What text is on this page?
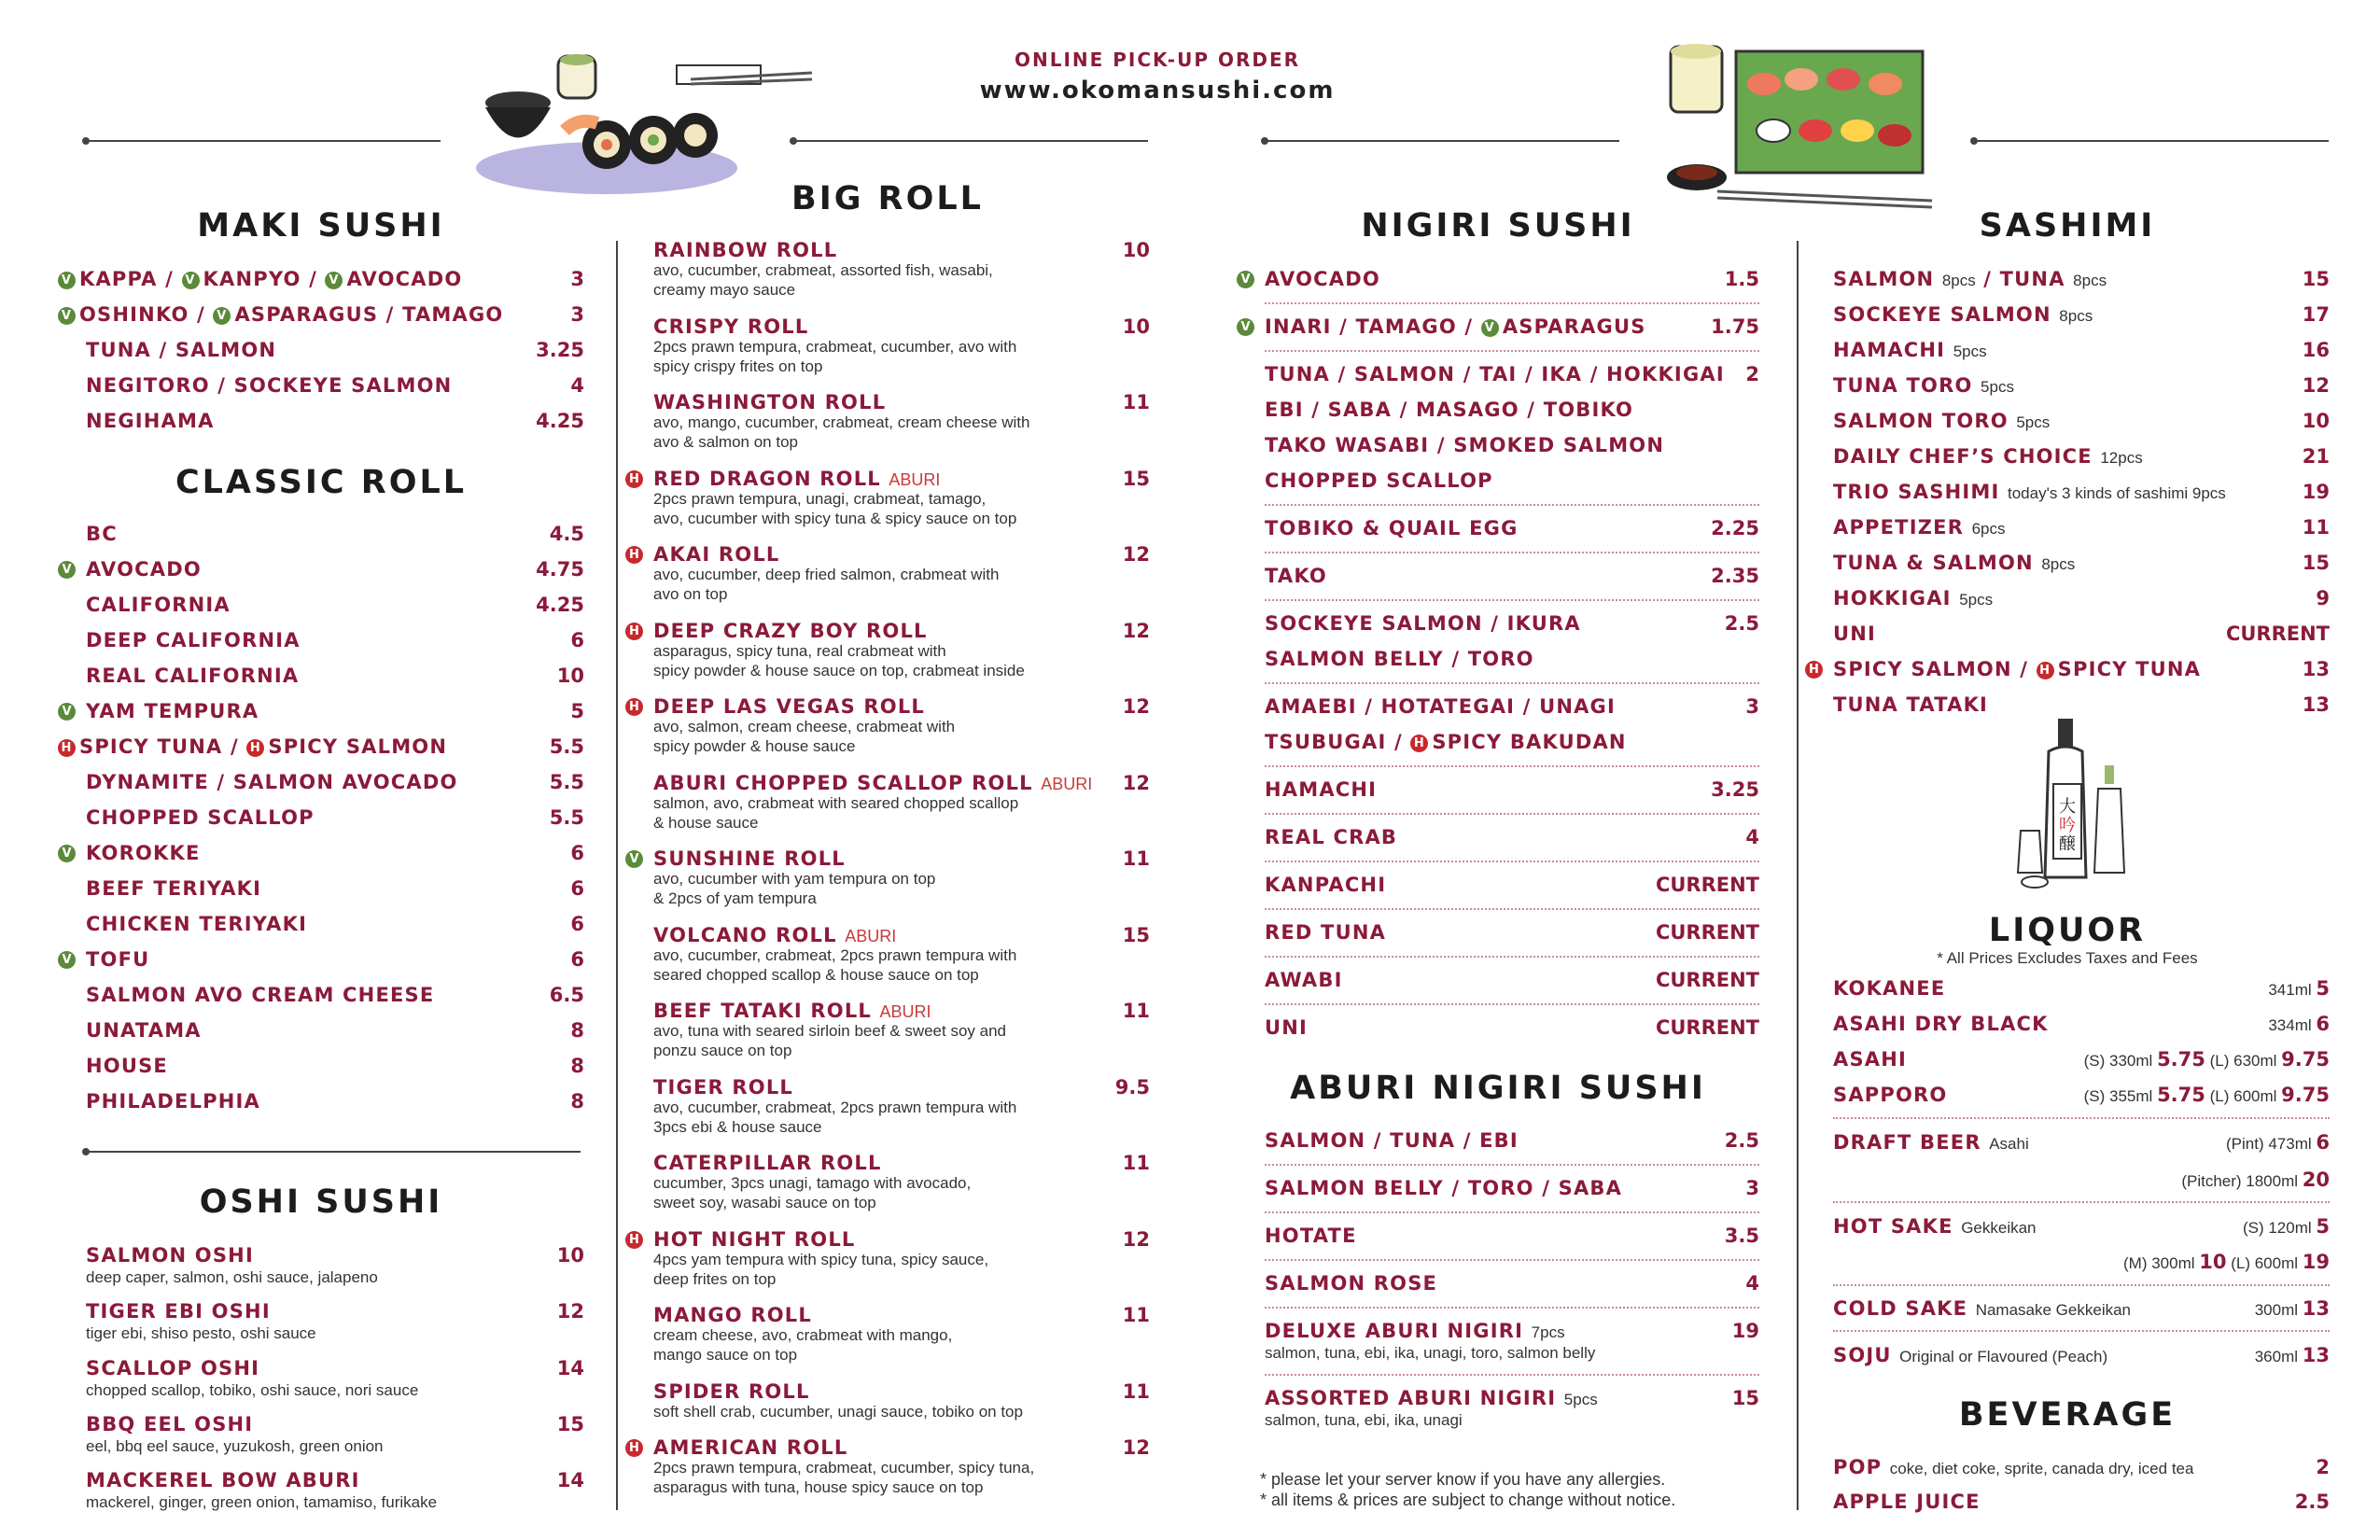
ONLINE PICK-UP ORDER
www.okomansushi.com
大
吟
醸
MAKI SUSHI
V KAPPA / V KANPYO / V AVOCADO	3
V OSHINKO / V ASPARAGUS / TAMAGO	3
TUNA / SALMON	3.25
NEGITORO / SOCKEYE SALMON	4
NEGIHAMA	4.25
CLASSIC ROLL
BC	4.5
V AVOCADO	4.75
CALIFORNIA	4.25
DEEP CALIFORNIA	6
REAL CALIFORNIA	10
V YAM TEMPURA	5
H SPICY TUNA / H SPICY SALMON	5.5
DYNAMITE / SALMON AVOCADO	5.5
CHOPPED SCALLOP	5.5
V KOROKKE	6
BEEF TERIYAKI	6
CHICKEN TERIYAKI	6
V TOFU	6
SALMON AVO CREAM CHEESE	6.5
UNATAMA	8
HOUSE	8
PHILADELPHIA	8
OSHI SUSHI
SALMON OSHI	10
deep caper, salmon, oshi sauce, jalapeno
TIGER EBI OSHI	12
tiger ebi, shiso pesto, oshi sauce
SCALLOP OSHI	14
chopped scallop, tobiko, oshi sauce, nori sauce
BBQ EEL OSHI	15
eel, bbq eel sauce, yuzukosh, green onion
MACKEREL BOW ABURI	14
mackerel, ginger, green onion, tamamiso, furikake
BIG ROLL
RAINBOW ROLL	10
avo, cucumber, crabmeat, assorted fish, wasabi,
creamy mayo sauce
CRISPY ROLL	10
2pcs prawn tempura, crabmeat, cucumber, avo with
spicy crispy frites on top
WASHINGTON ROLL	11
avo, mango, cucumber, crabmeat, cream cheese with
avo & salmon on top
H RED DRAGON ROLL ABURI	15
2pcs prawn tempura, unagi, crabmeat, tamago,
avo, cucumber with spicy tuna & spicy sauce on top
H AKAI ROLL	12
avo, cucumber, deep fried salmon, crabmeat with
avo on top
H DEEP CRAZY BOY ROLL	12
asparagus, spicy tuna, real crabmeat with
spicy powder & house sauce on top, crabmeat inside
H DEEP LAS VEGAS ROLL	12
avo, salmon, cream cheese, crabmeat with
spicy powder & house sauce
ABURI CHOPPED SCALLOP ROLL ABURI 12
salmon, avo, crabmeat with seared chopped scallop
& house sauce
V SUNSHINE ROLL	11
avo, cucumber with yam tempura on top
& 2pcs of yam tempura
VOLCANO ROLL ABURI	15
avo, cucumber, crabmeat, 2pcs prawn tempura with
seared chopped scallop & house sauce on top
BEEF TATAKI ROLL ABURI	11
avo, tuna with seared sirloin beef & sweet soy and
ponzu sauce on top
TIGER ROLL	9.5
avo, cucumber, crabmeat, 2pcs prawn tempura with
3pcs ebi & house sauce
CATERPILLAR ROLL	11
cucumber, 3pcs unagi, tamago with avocado,
sweet soy, wasabi sauce on top
H HOT NIGHT ROLL	12
4pcs yam tempura with spicy tuna, spicy sauce,
deep frites on top
MANGO ROLL	11
cream cheese, avo, crabmeat with mango,
mango sauce on top
SPIDER ROLL	11
soft shell crab, cucumber, unagi sauce, tobiko on top
H AMERICAN ROLL	12
2pcs prawn tempura, crabmeat, cucumber, spicy tuna,
asparagus with tuna, house spicy sauce on top
NIGIRI SUSHI
V AVOCADO	1.5
V INARI / TAMAGO / V ASPARAGUS	1.75
TUNA / SALMON / TAI / IKA / HOKKIGAI 2
EBI / SABA / MASAGO / TOBIKO
TAKO WASABI / SMOKED SALMON
CHOPPED SCALLOP
TOBIKO & QUAIL EGG	2.25
TAKO	2.35
SOCKEYE SALMON / IKURA	2.5
SALMON BELLY / TORO
AMAEBI / HOTATEGAI / UNAGI	3
TSUBUGAI / H SPICY BAKUDAN
HAMACHI	3.25
REAL CRAB	4
KANPACHI	CURRENT
RED TUNA	CURRENT
AWABI	CURRENT
UNI	CURRENT
ABURI NIGIRI SUSHI
SALMON / TUNA / EBI	2.5
SALMON BELLY / TORO / SABA	3
HOTATE	3.5
SALMON ROSE	4
DELUXE ABURI NIGIRI 7pcs	19
salmon, tuna, ebi, ika, unagi, toro, salmon belly
ASSORTED ABURI NIGIRI 5pcs	15
salmon, tuna, ebi, ika, unagi
* please let your server know if you have any allergies.
* all items & prices are subject to change without notice.
SASHIMI
SALMON 8pcs / TUNA 8pcs	15
SOCKEYE SALMON 8pcs	17
HAMACHI 5pcs	16
TUNA TORO 5pcs	12
SALMON TORO 5pcs	10
DAILY CHEF’S CHOICE 12pcs	21
TRIO SASHIMI today's 3 kinds of sashimi 9pcs	19
APPETIZER 6pcs	11
TUNA & SALMON 8pcs	15
HOKKIGAI 5pcs	9
UNI	CURRENT
H SPICY SALMON / H SPICY TUNA	13
TUNA TATAKI	13
LIQUOR
* All Prices Excludes Taxes and Fees
KOKANEE	341ml 5
ASAHI DRY BLACK	334ml 6
ASAHI	(S) 330ml 5.75 (L) 630ml 9.75
SAPPORO	(S) 355ml 5.75 (L) 600ml 9.75
DRAFT BEER Asahi	(Pint) 473ml 6
(Pitcher) 1800ml 20
HOT SAKE Gekkeikan	(S) 120ml 5
(M) 300ml 10 (L) 600ml 19
COLD SAKE Namasake Gekkeikan	300ml 13
SOJU Original or Flavoured (Peach)	360ml 13
BEVERAGE
POP coke, diet coke, sprite, canada dry, iced tea	2
APPLE JUICE	2.5
